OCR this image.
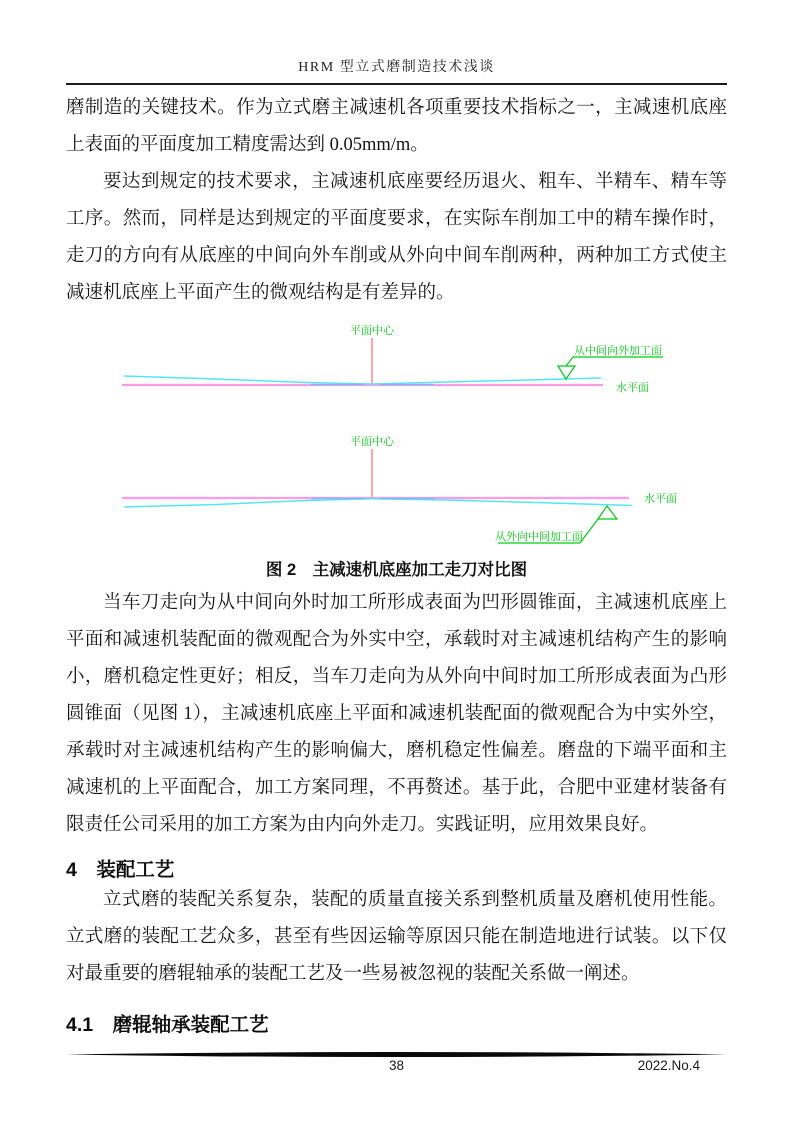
HRM 型立式磨制造技术浅谈

磨制造的关键技术。作为立式磨主减速机各项重要技术指标之一，主减速机底座上表面的平面度加工精度需达到 0.05mm/m。

要达到规定的技术要求，主减速机底座要经历退火、粗车、半精车、精车等工序。然而，同样是达到规定的平面度要求，在实际车削加工中的精车操作时，走刀的方向有从底座的中间向外车削或从外向中间车削两种，两种加工方式使主减速机底座上平面产生的微观结构是有差异的。

平面中心
从中间向外加工面
水平面
平面中心
从外向中间加工面
水平面
图 2　主减速机底座加工走刀对比图

当车刀走向为从中间向外时加工所形成表面为凹形圆锥面，主减速机底座上平面和减速机装配面的微观配合为外实中空，承载时对主减速机结构产生的影响小，磨机稳定性更好；相反，当车刀走向为从外向中间时加工所形成表面为凸形圆锥面（见图 1），主减速机底座上平面和减速机装配面的微观配合为中实外空，承载时对主减速机结构产生的影响偏大，磨机稳定性偏差。磨盘的下端平面和主减速机的上平面配合，加工方案同理，不再赘述。基于此，合肥中亚建材装备有限责任公司采用的加工方案为由内向外走刀。实践证明，应用效果良好。

4　装配工艺

立式磨的装配关系复杂，装配的质量直接关系到整机质量及磨机使用性能。立式磨的装配工艺众多，甚至有些因运输等原因只能在制造地进行试装。以下仅对最重要的磨辊轴承的装配工艺及一些易被忽视的装配关系做一阐述。

4.1　磨辊轴承装配工艺
38	2022.No.4
